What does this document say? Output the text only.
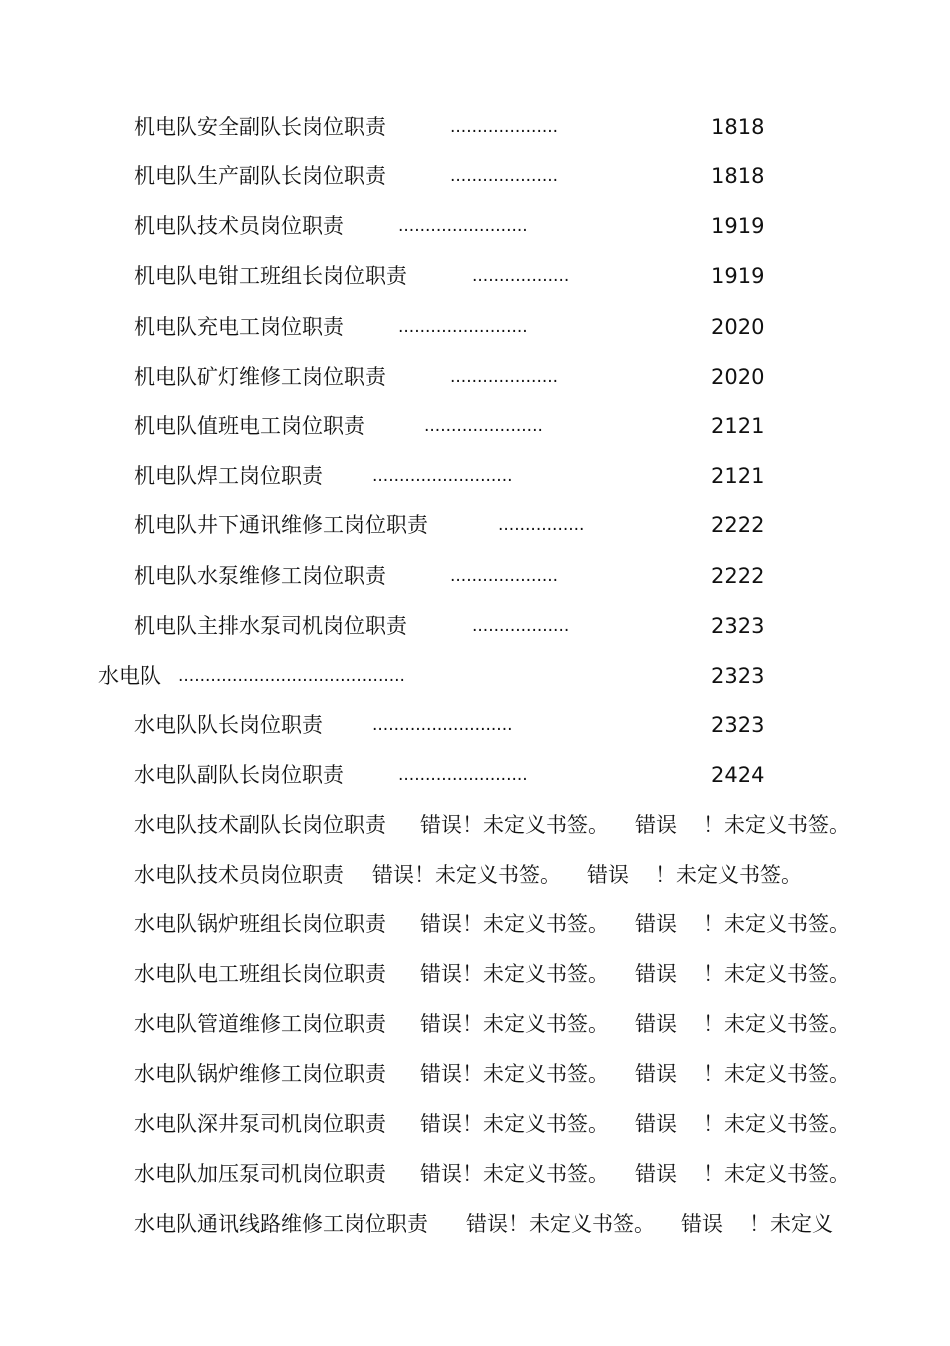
机电队安全副队长岗位职责	....................	1818
机电队生产副队长岗位职责	....................	1818
机电队技术员岗位职责	........................	1919
机电队电钳工班组长岗位职责	..................	1919
机电队充电工岗位职责	........................	2020
机电队矿灯维修工岗位职责	....................	2020
机电队值班电工岗位职责	......................	2121
机电队焊工岗位职责	..........................	2121
机电队井下通讯维修工岗位职责	................	2222
机电队水泵维修工岗位职责	....................	2222
机电队主排水泵司机岗位职责	..................	2323
水电队 ..........................................	2323
水电队队长岗位职责	..........................	2323
水电队副队长岗位职责	........................	2424
水电队技术副队长岗位职责 错误！未定义书签。 错误 ！未定义书签。
水电队技术员岗位职责 错误！未定义书签。 错误 ！未定义书签。
水电队锅炉班组长岗位职责 错误！未定义书签。 错误 ！未定义书签。
水电队电工班组长岗位职责 错误！未定义书签。 错误 ！未定义书签。
水电队管道维修工岗位职责 错误！未定义书签。 错误 ！未定义书签。
水电队锅炉维修工岗位职责 错误！未定义书签。 错误 ！未定义书签。
水电队深井泵司机岗位职责 错误！未定义书签。 错误 ！未定义书签。
水电队加压泵司机岗位职责 错误！未定义书签。 错误 ！未定义书签。
水电队通讯线路维修工岗位职责 错误！未定义书签。 错误 ！未定义
